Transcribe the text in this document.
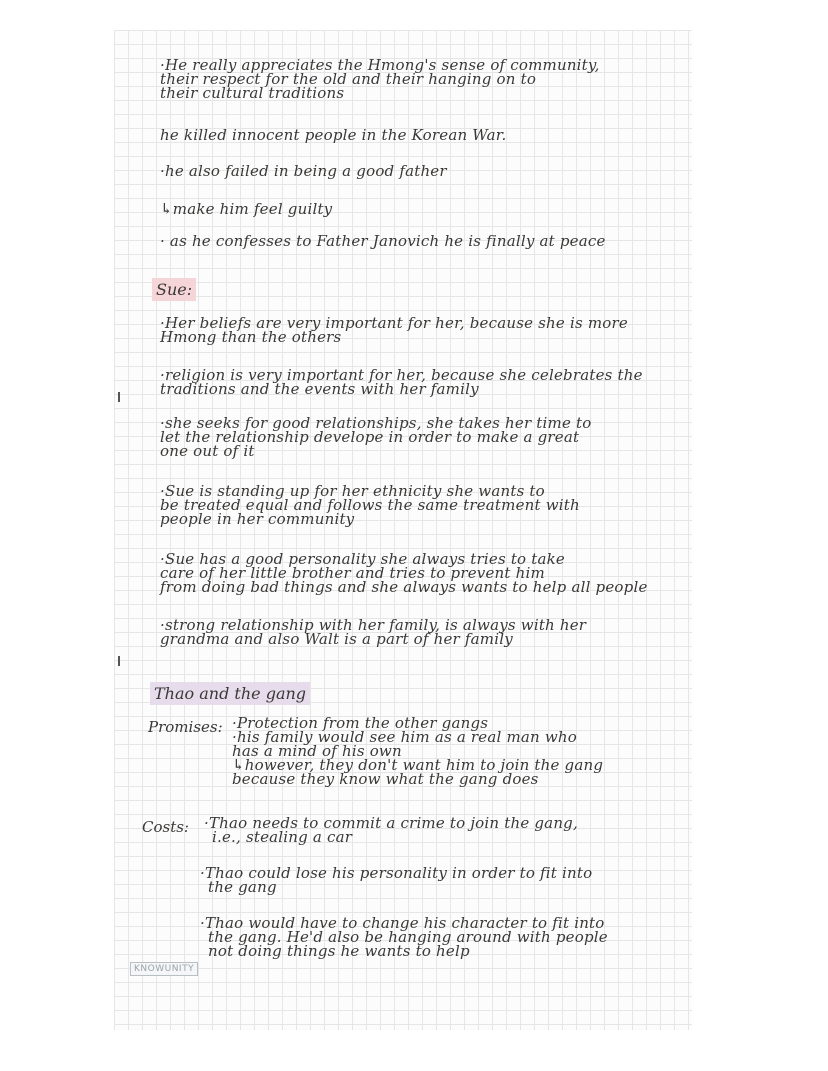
·He really appreciates the Hmong's sense of community,
their respect for the old and their hanging on to
their cultural traditions
he killed innocent people in the Korean War.
·he also failed in being a good father
↳make him feel guilty
· as he confesses to Father Janovich he is finally at peace
Sue:
·Her beliefs are very important for her, because she is more
Hmong than the others
·religion is very important for her, because she celebrates the
traditions and the events with her family
·she seeks for good relationships, she takes her time to
let the relationship develope in order to make a great
one out of it
·Sue is standing up for her ethnicity she wants to
be treated equal and follows the same treatment with
people in her community
·Sue has a good personality she always tries to take
care of her little brother and tries to prevent him
from doing bad things and she always wants to help all people
·strong relationship with her family, is always with her
grandma and also Walt is a part of her family
Thao and the gang
Promises: ·Protection from the other gangs
·his family would see him as a real man who
has a mind of his own
↳however, they don't want him to join the gang
because they know what the gang does
Costs: ·Thao needs to commit a crime to join the gang,
i.e., stealing a car
·Thao could lose his personality in order to fit into
the gang
·Thao would have to change his character to fit into
the gang. He'd also be hanging around with people
not doing things he wants to help
KNOWUNITY
